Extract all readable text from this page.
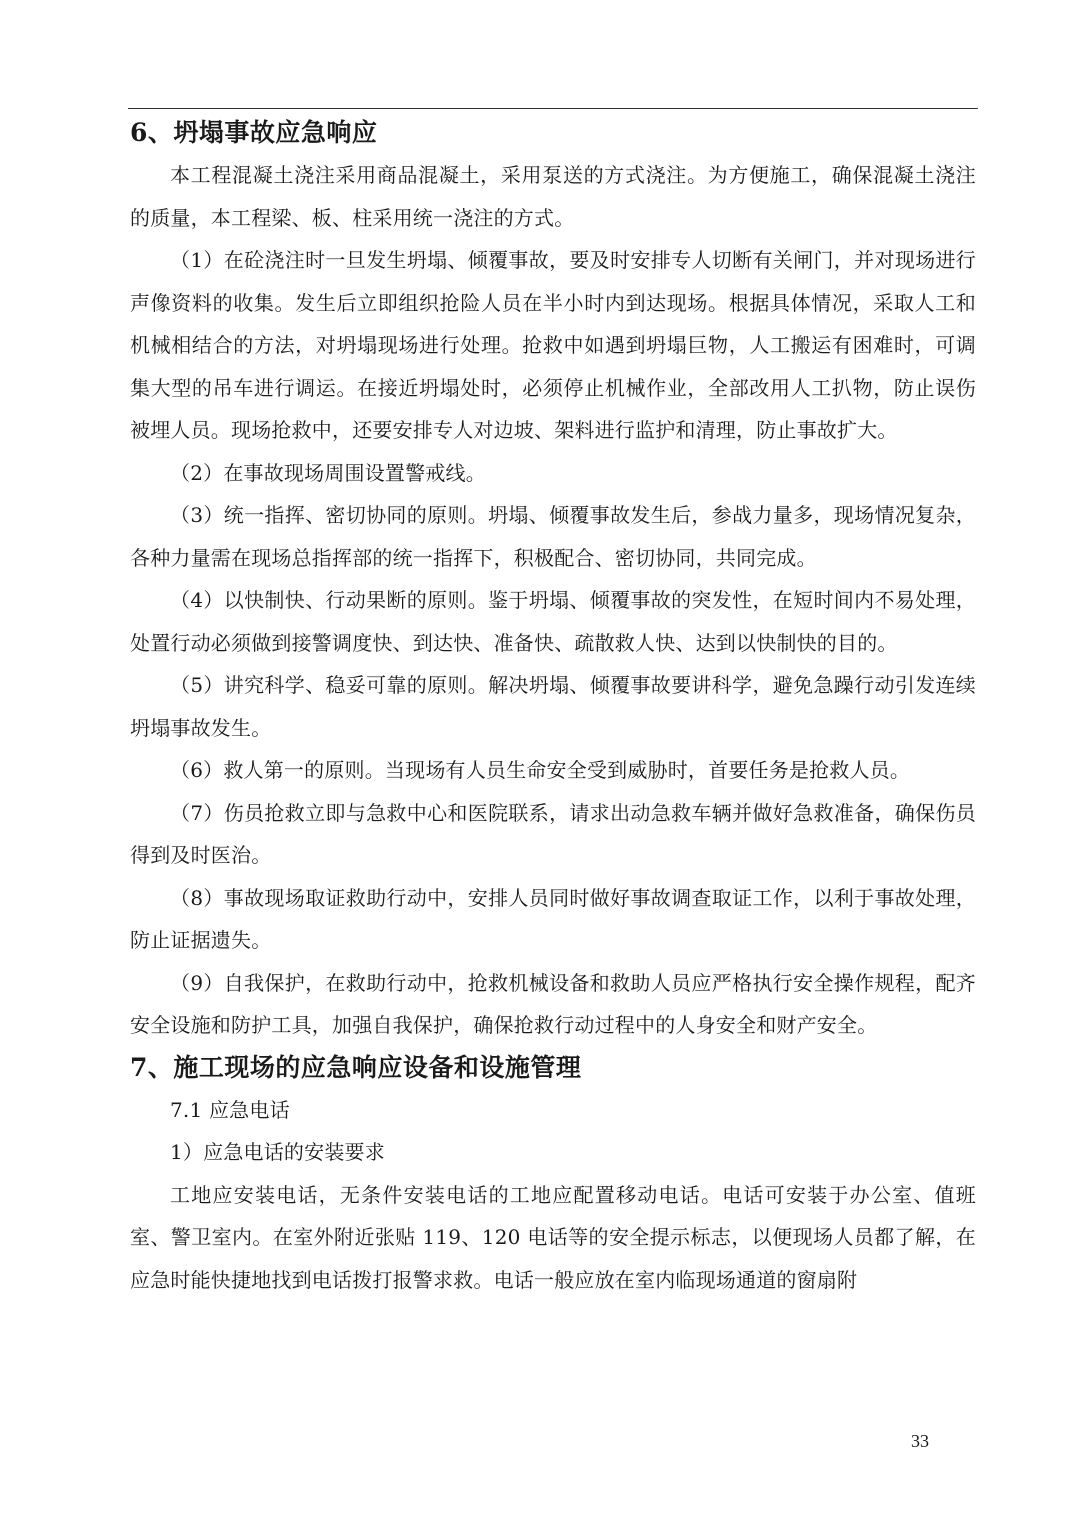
6、坍塌事故应急响应

本工程混凝土浇注采用商品混凝土，采用泵送的方式浇注。为方便施工，确保混凝土浇注的质量，本工程梁、板、柱采用统一浇注的方式。

（1）在砼浇注时一旦发生坍塌、倾覆事故，要及时安排专人切断有关闸门，并对现场进行声像资料的收集。发生后立即组织抢险人员在半小时内到达现场。根据具体情况，采取人工和机械相结合的方法，对坍塌现场进行处理。抢救中如遇到坍塌巨物，人工搬运有困难时，可调集大型的吊车进行调运。在接近坍塌处时，必须停止机械作业，全部改用人工扒物，防止误伤被埋人员。现场抢救中，还要安排专人对边坡、架料进行监护和清理，防止事故扩大。

（2）在事故现场周围设置警戒线。

（3）统一指挥、密切协同的原则。坍塌、倾覆事故发生后，参战力量多，现场情况复杂，各种力量需在现场总指挥部的统一指挥下，积极配合、密切协同，共同完成。

（4）以快制快、行动果断的原则。鉴于坍塌、倾覆事故的突发性，在短时间内不易处理，处置行动必须做到接警调度快、到达快、准备快、疏散救人快、达到以快制快的目的。

（5）讲究科学、稳妥可靠的原则。解决坍塌、倾覆事故要讲科学，避免急躁行动引发连续坍塌事故发生。

（6）救人第一的原则。当现场有人员生命安全受到威胁时，首要任务是抢救人员。

（7）伤员抢救立即与急救中心和医院联系，请求出动急救车辆并做好急救准备，确保伤员得到及时医治。

（8）事故现场取证救助行动中，安排人员同时做好事故调查取证工作，以利于事故处理，防止证据遗失。

（9）自我保护，在救助行动中，抢救机械设备和救助人员应严格执行安全操作规程，配齐安全设施和防护工具，加强自我保护，确保抢救行动过程中的人身安全和财产安全。

7、施工现场的应急响应设备和设施管理

7.1 应急电话

1）应急电话的安装要求

工地应安装电话，无条件安装电话的工地应配置移动电话。电话可安装于办公室、值班室、警卫室内。在室外附近张贴 119、120 电话等的安全提示标志，以便现场人员都了解，在应急时能快捷地找到电话拨打报警求救。电话一般应放在室内临现场通道的窗扇附

33
